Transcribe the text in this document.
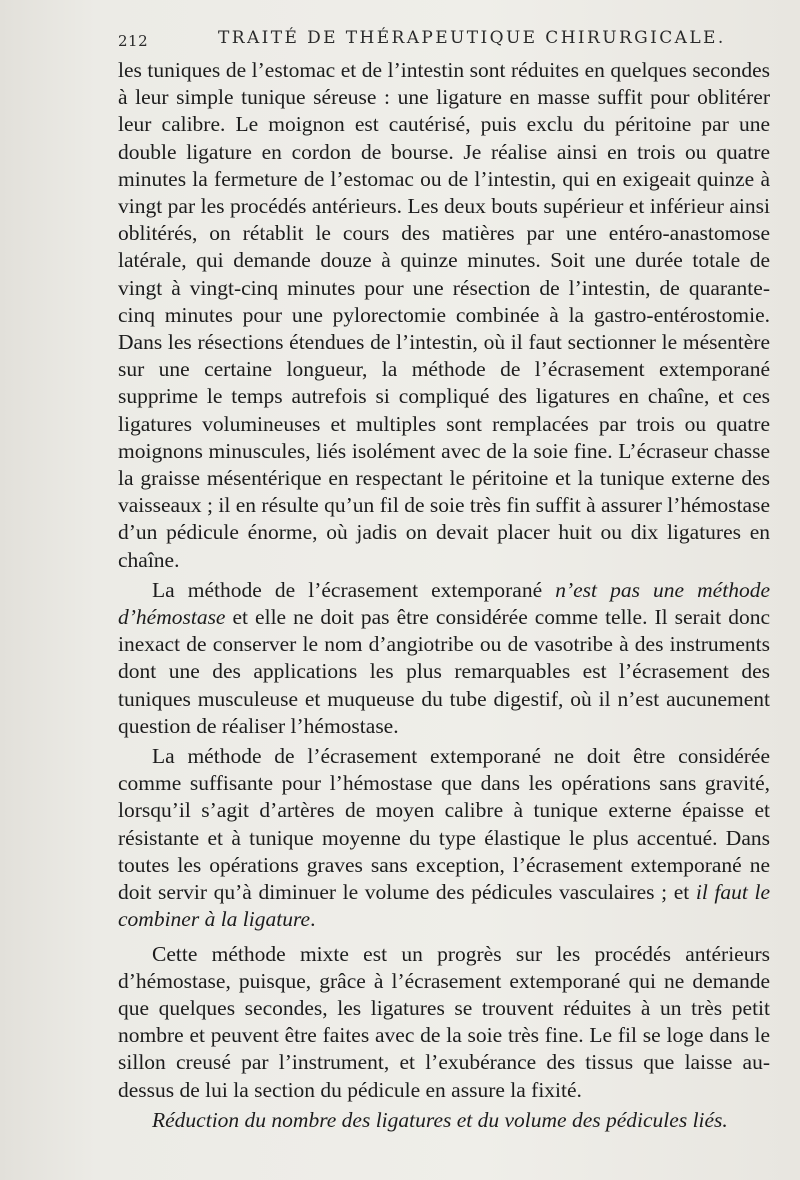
212	TRAITÉ DE THÉRAPEUTIQUE CHIRURGICALE.

les tuniques de l’estomac et de l’intestin sont réduites en quelques secondes à leur simple tunique séreuse : une ligature en masse suffit pour oblitérer leur calibre. Le moignon est cautérisé, puis exclu du péritoine par une double ligature en cordon de bourse. Je réalise ainsi en trois ou quatre minutes la fermeture de l’estomac ou de l’intestin, qui en exigeait quinze à vingt par les procédés antérieurs. Les deux bouts supérieur et inférieur ainsi oblitérés, on rétablit le cours des matières par une entéro-anastomose latérale, qui demande douze à quinze minutes. Soit une durée totale de vingt à vingt-cinq minutes pour une résection de l’intestin, de quarante-cinq minutes pour une pylorectomie combinée à la gastro-entérostomie. Dans les résections étendues de l’intestin, où il faut sectionner le mésentère sur une certaine longueur, la méthode de l’écrasement extemporané supprime le temps autrefois si compliqué des ligatures en chaîne, et ces ligatures volumineuses et multiples sont remplacées par trois ou quatre moignons minuscules, liés isolément avec de la soie fine. L’écraseur chasse la graisse mésentérique en respectant le péritoine et la tunique externe des vaisseaux ; il en résulte qu’un fil de soie très fin suffit à assurer l’hémostase d’un pédicule énorme, où jadis on devait placer huit ou dix ligatures en chaîne.

La méthode de l’écrasement extemporané n’est pas une méthode d’hémostase et elle ne doit pas être considérée comme telle. Il serait donc inexact de conserver le nom d’angiotribe ou de vasotribe à des instruments dont une des applications les plus remarquables est l’écrasement des tuniques musculeuse et muqueuse du tube digestif, où il n’est aucunement question de réaliser l’hémostase.

La méthode de l’écrasement extemporané ne doit être considérée comme suffisante pour l’hémostase que dans les opérations sans gravité, lorsqu’il s’agit d’artères de moyen calibre à tunique externe épaisse et résistante et à tunique moyenne du type élastique le plus accentué. Dans toutes les opérations graves sans exception, l’écrasement extemporané ne doit servir qu’à diminuer le volume des pédicules vasculaires ; et il faut le combiner à la ligature.

Cette méthode mixte est un progrès sur les procédés antérieurs d’hémostase, puisque, grâce à l’écrasement extemporané qui ne demande que quelques secondes, les ligatures se trouvent réduites à un très petit nombre et peuvent être faites avec de la soie très fine. Le fil se loge dans le sillon creusé par l’instrument, et l’exubérance des tissus que laisse au-dessus de lui la section du pédicule en assure la fixité.

Réduction du nombre des ligatures et du volume des pédicules liés.
